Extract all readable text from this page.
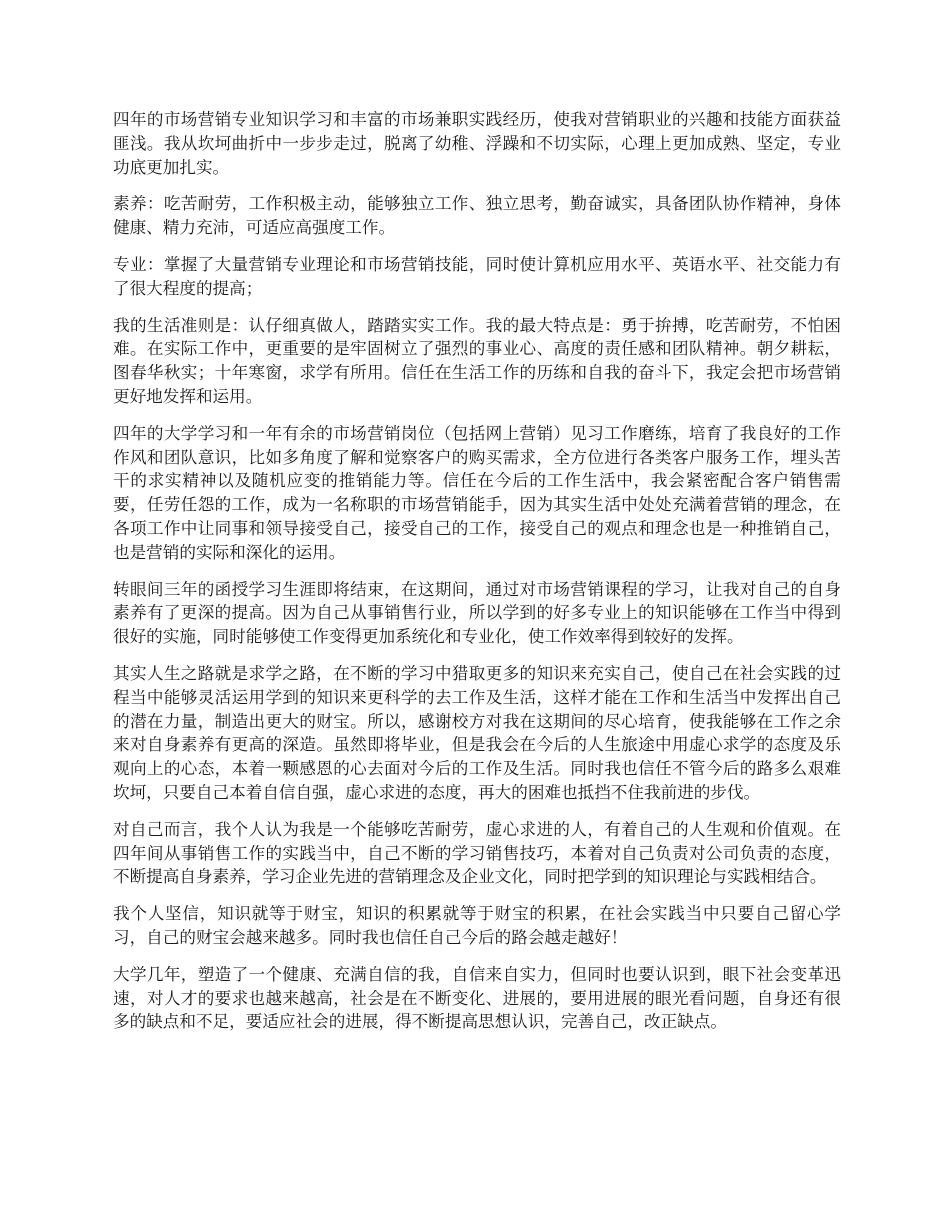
四年的市场营销专业知识学习和丰富的市场兼职实践经历，使我对营销职业的兴趣和技能方面获益匪浅。我从坎坷曲折中一步步走过，脱离了幼稚、浮躁和不切实际，心理上更加成熟、坚定，专业功底更加扎实。

素养：吃苦耐劳，工作积极主动，能够独立工作、独立思考，勤奋诚实，具备团队协作精神，身体健康、精力充沛，可适应高强度工作。

专业：掌握了大量营销专业理论和市场营销技能，同时使计算机应用水平、英语水平、社交能力有了很大程度的提高；

我的生活准则是：认仔细真做人，踏踏实实工作。我的最大特点是：勇于拚搏，吃苦耐劳，不怕困难。在实际工作中，更重要的是牢固树立了强烈的事业心、高度的责任感和团队精神。朝夕耕耘，图春华秋实；十年寒窗，求学有所用。信任在生活工作的历练和自我的奋斗下，我定会把市场营销更好地发挥和运用。

四年的大学学习和一年有余的市场营销岗位（包括网上营销）见习工作磨练，培育了我良好的工作作风和团队意识，比如多角度了解和觉察客户的购买需求，全方位进行各类客户服务工作，埋头苦干的求实精神以及随机应变的推销能力等。信任在今后的工作生活中，我会紧密配合客户销售需要，任劳任怨的工作，成为一名称职的市场营销能手，因为其实生活中处处充满着营销的理念，在各项工作中让同事和领导接受自己，接受自己的工作，接受自己的观点和理念也是一种推销自己，也是营销的实际和深化的运用。

转眼间三年的函授学习生涯即将结束，在这期间，通过对市场营销课程的学习，让我对自己的自身素养有了更深的提高。因为自己从事销售行业，所以学到的好多专业上的知识能够在工作当中得到很好的实施，同时能够使工作变得更加系统化和专业化，使工作效率得到较好的发挥。

其实人生之路就是求学之路，在不断的学习中猎取更多的知识来充实自己，使自己在社会实践的过程当中能够灵活运用学到的知识来更科学的去工作及生活，这样才能在工作和生活当中发挥出自己的潜在力量，制造出更大的财宝。所以，感谢校方对我在这期间的尽心培育，使我能够在工作之余来对自身素养有更高的深造。虽然即将毕业，但是我会在今后的人生旅途中用虚心求学的态度及乐观向上的心态，本着一颗感恩的心去面对今后的工作及生活。同时我也信任不管今后的路多么艰难坎坷，只要自己本着自信自强，虚心求进的态度，再大的困难也抵挡不住我前进的步伐。

对自己而言，我个人认为我是一个能够吃苦耐劳，虚心求进的人，有着自己的人生观和价值观。在四年间从事销售工作的实践当中，自己不断的学习销售技巧，本着对自己负责对公司负责的态度，不断提高自身素养，学习企业先进的营销理念及企业文化，同时把学到的知识理论与实践相结合。

我个人坚信，知识就等于财宝，知识的积累就等于财宝的积累，在社会实践当中只要自己留心学习，自己的财宝会越来越多。同时我也信任自己今后的路会越走越好！

大学几年，塑造了一个健康、充满自信的我，自信来自实力，但同时也要认识到，眼下社会变革迅速，对人才的要求也越来越高，社会是在不断变化、进展的，要用进展的眼光看问题，自身还有很多的缺点和不足，要适应社会的进展，得不断提高思想认识，完善自己，改正缺点。
